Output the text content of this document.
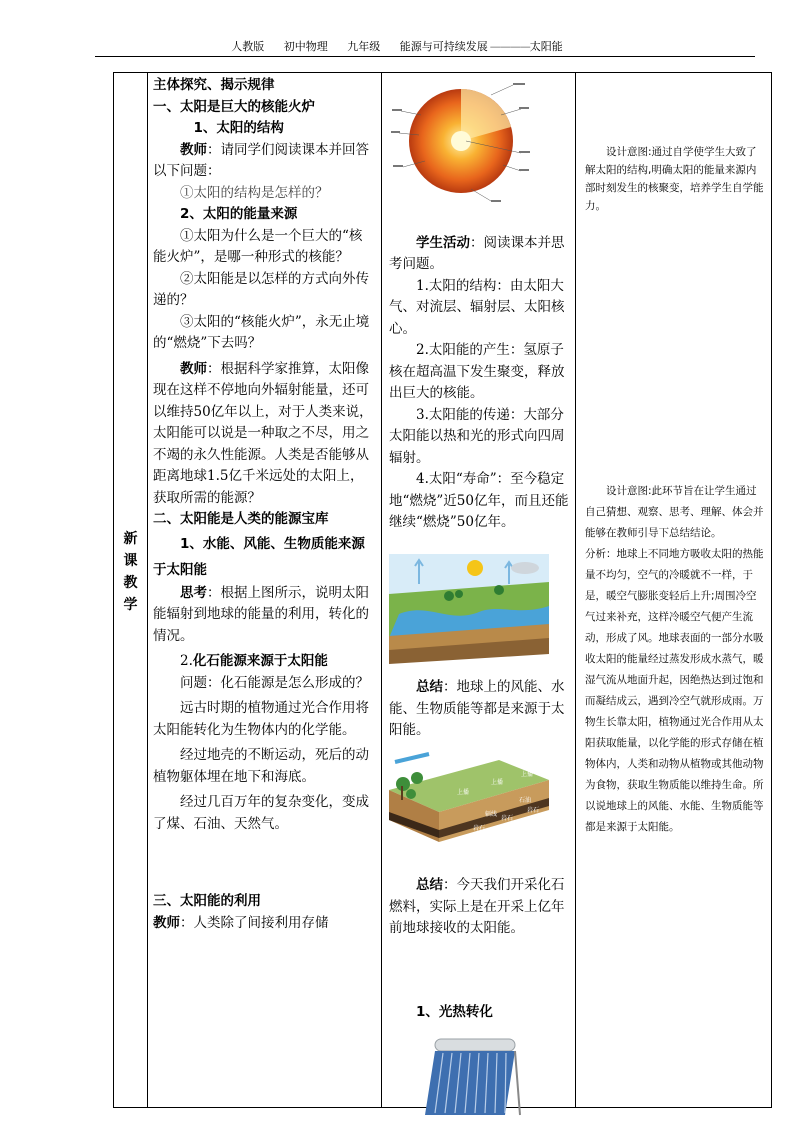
人教版 初中物理 九年级 能源与可持续发展 ————太阳能
新
课
教
学

主体探究、揭示规律

一、太阳是巨大的核能火炉

1、太阳的结构

教师：请同学们阅读课本并回答以下问题：

①太阳的结构是怎样的？

2、太阳的能量来源

①太阳为什么是一个巨大的“核能火炉”，是哪一种形式的核能？

②太阳能是以怎样的方式向外传递的？

③太阳的“核能火炉”，永无止境的“燃烧”下去吗？

教师：根据科学家推算，太阳像现在这样不停地向外辐射能量，还可以维持50亿年以上，对于人类来说，太阳能可以说是一种取之不尽，用之不竭的永久性能源。人类是否能够从距离地球1.5亿千米远处的太阳上，获取所需的能源？

二、太阳能是人类的能源宝库

1、水能、风能、生物质能来源于太阳能

思考：根据上图所示，说明太阳能辐射到地球的能量的利用，转化的情况。

2.化石能源来源于太阳能

问题：化石能源是怎么形成的？

远古时期的植物通过光合作用将太阳能转化为生物体内的化学能。

经过地壳的不断运动，死后的动植物躯体埋在地下和海底。

经过几百万年的复杂变化，变成了煤、石油、天然气。

三、太阳能的利用

教师：人类除了间接利用存储

学生活动：阅读课本并思考问题。

1.太阳的结构：由太阳大气、对流层、辐射层、太阳核心。

2.太阳能的产生：氢原子核在超高温下发生聚变，释放出巨大的核能。

3.太阳能的传递：大部分太阳能以热和光的形式向四周辐射。

4.太阳“寿命”：至今稳定地“燃烧”近50亿年，而且还能继续“燃烧”50亿年。

总结：地球上的风能、水能、生物质能等都是来源于太阳能。

上播
上播
上播
岩石
岩石
岩石
辐线
石油

总结：今天我们开采化石燃料，实际上是在开采上亿年前地球接收的太阳能。

1、光热转化

设计意图:通过自学使学生大致了解太阳的结构,明确太阳的能量来源内部时刻发生的核聚变，培养学生自学能力。

设计意图:此环节旨在让学生通过自己猜想、观察、思考、理解、体会并能够在教师引导下总结结论。

分析：地球上不同地方吸收太阳的热能量不均匀，空气的冷暖就不一样，于是，暖空气膨胀变轻后上升;周围冷空气过来补充，这样冷暖空气便产生流动，形成了风。地球表面的一部分水吸收太阳的能量经过蒸发形成水蒸气，暖湿气流从地面升起，因绝热达到过饱和而凝结成云，遇到冷空气就形成雨。万物生长靠太阳，植物通过光合作用从太阳获取能量，以化学能的形式存储在植物体内，人类和动物从植物或其他动物为食物，获取生物质能以维持生命。所以说地球上的风能、水能、生物质能等都是来源于太阳能。
